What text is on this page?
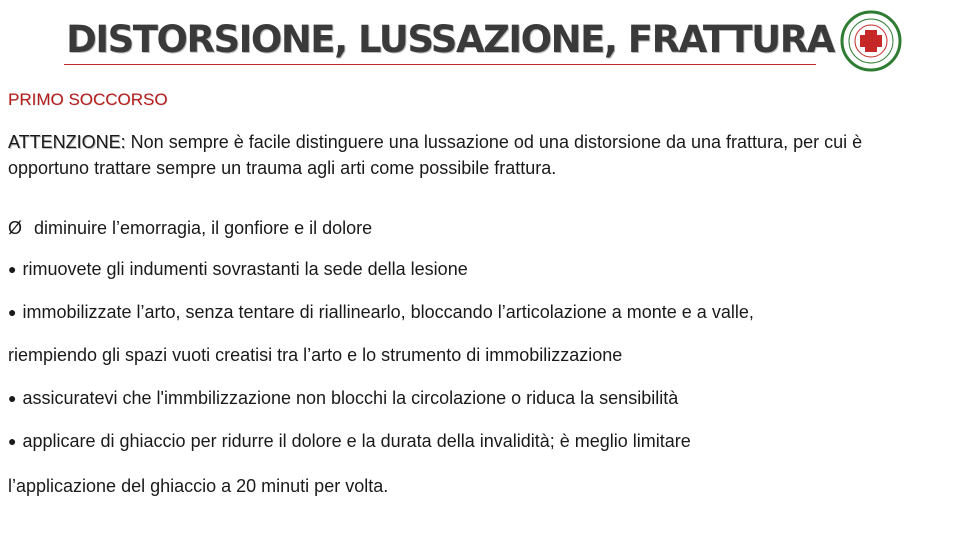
DISTORSIONE, LUSSAZIONE, FRATTURA

PRIMO SOCCORSO

ATTENZIONE: Non sempre è facile distinguere una lussazione od una distorsione da una frattura, per cui è opportuno trattare sempre un trauma agli arti come possibile frattura.

Ø diminuire l’emorragia, il gonfiore e il dolore

● rimuovete gli indumenti sovrastanti la sede della lesione

● immobilizzate l’arto, senza tentare di riallinearlo, bloccando l’articolazione a monte e a valle,

riempiendo gli spazi vuoti creatisi tra l’arto e lo strumento di immobilizzazione

● assicuratevi che l'immbilizzazione non blocchi la circolazione o riduca la sensibilità

● applicare di ghiaccio per ridurre il dolore e la durata della invalidità; è meglio limitare

l’applicazione del ghiaccio a 20 minuti per volta.
